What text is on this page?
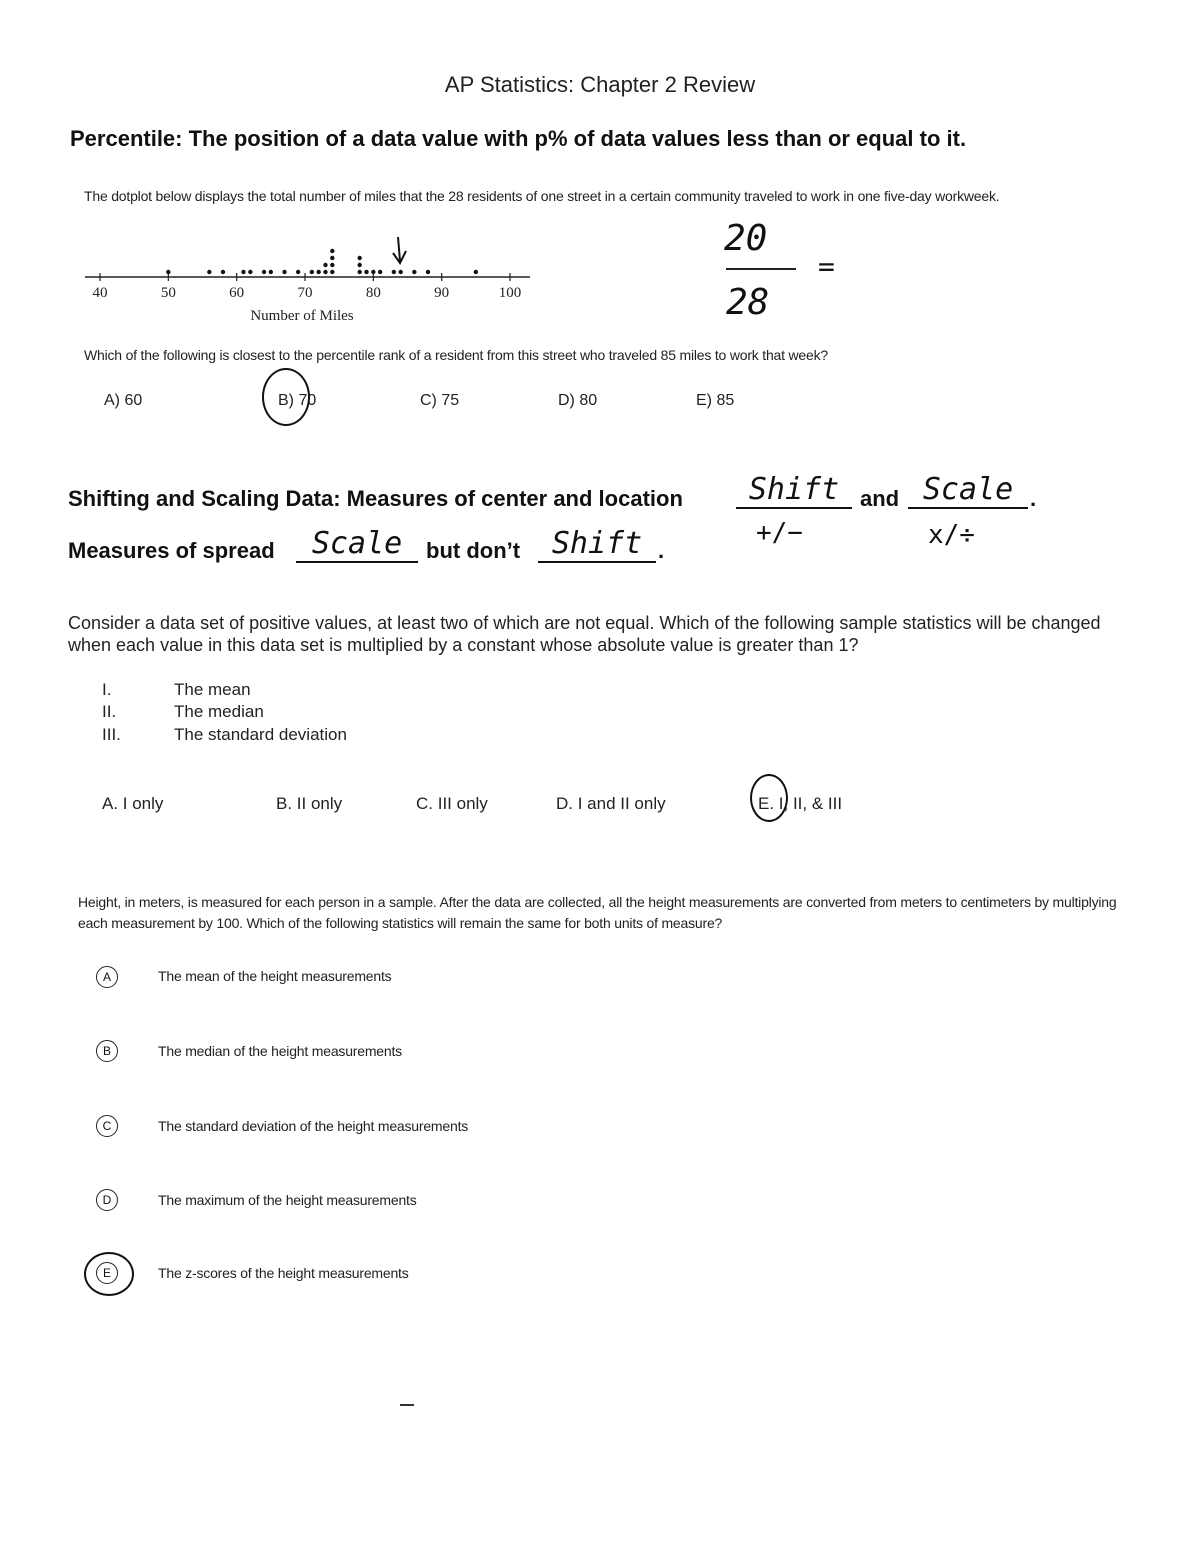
AP Statistics: Chapter 2 Review
Percentile: The position of a data value with p% of data values less than or equal to it.
The dotplot below displays the total number of miles that the 28 residents of one street in a certain community traveled to work in one five-day workweek.
40	50	60	70	80	90	100
Number of Miles
20
28
=
Which of the following is closest to the percentile rank of a resident from this street who traveled 85 miles to work that week?
A) 60	B) 70	C) 75	D) 80	E) 85
Shifting and Scaling Data: Measures of center and location	Shift and Scale .
+/−	x/÷
Measures of spread	Scale	but don’t	Shift .
Consider a data set of positive values, at least two of which are not equal. Which of the following sample statistics will be changed when each value in this data set is multiplied by a constant whose absolute value is greater than 1?
I.	The mean
II.	The median
III.	The standard deviation
A. I only	B. II only	C. III only	D. I and II only	E. I, II, & III
Height, in meters, is measured for each person in a sample. After the data are collected, all the height measurements are converted from meters to centimeters by multiplying each measurement by 100. Which of the following statistics will remain the same for both units of measure?
A	The mean of the height measurements
B	The median of the height measurements
C	The standard deviation of the height measurements
D	The maximum of the height measurements
E	The z-scores of the height measurements
